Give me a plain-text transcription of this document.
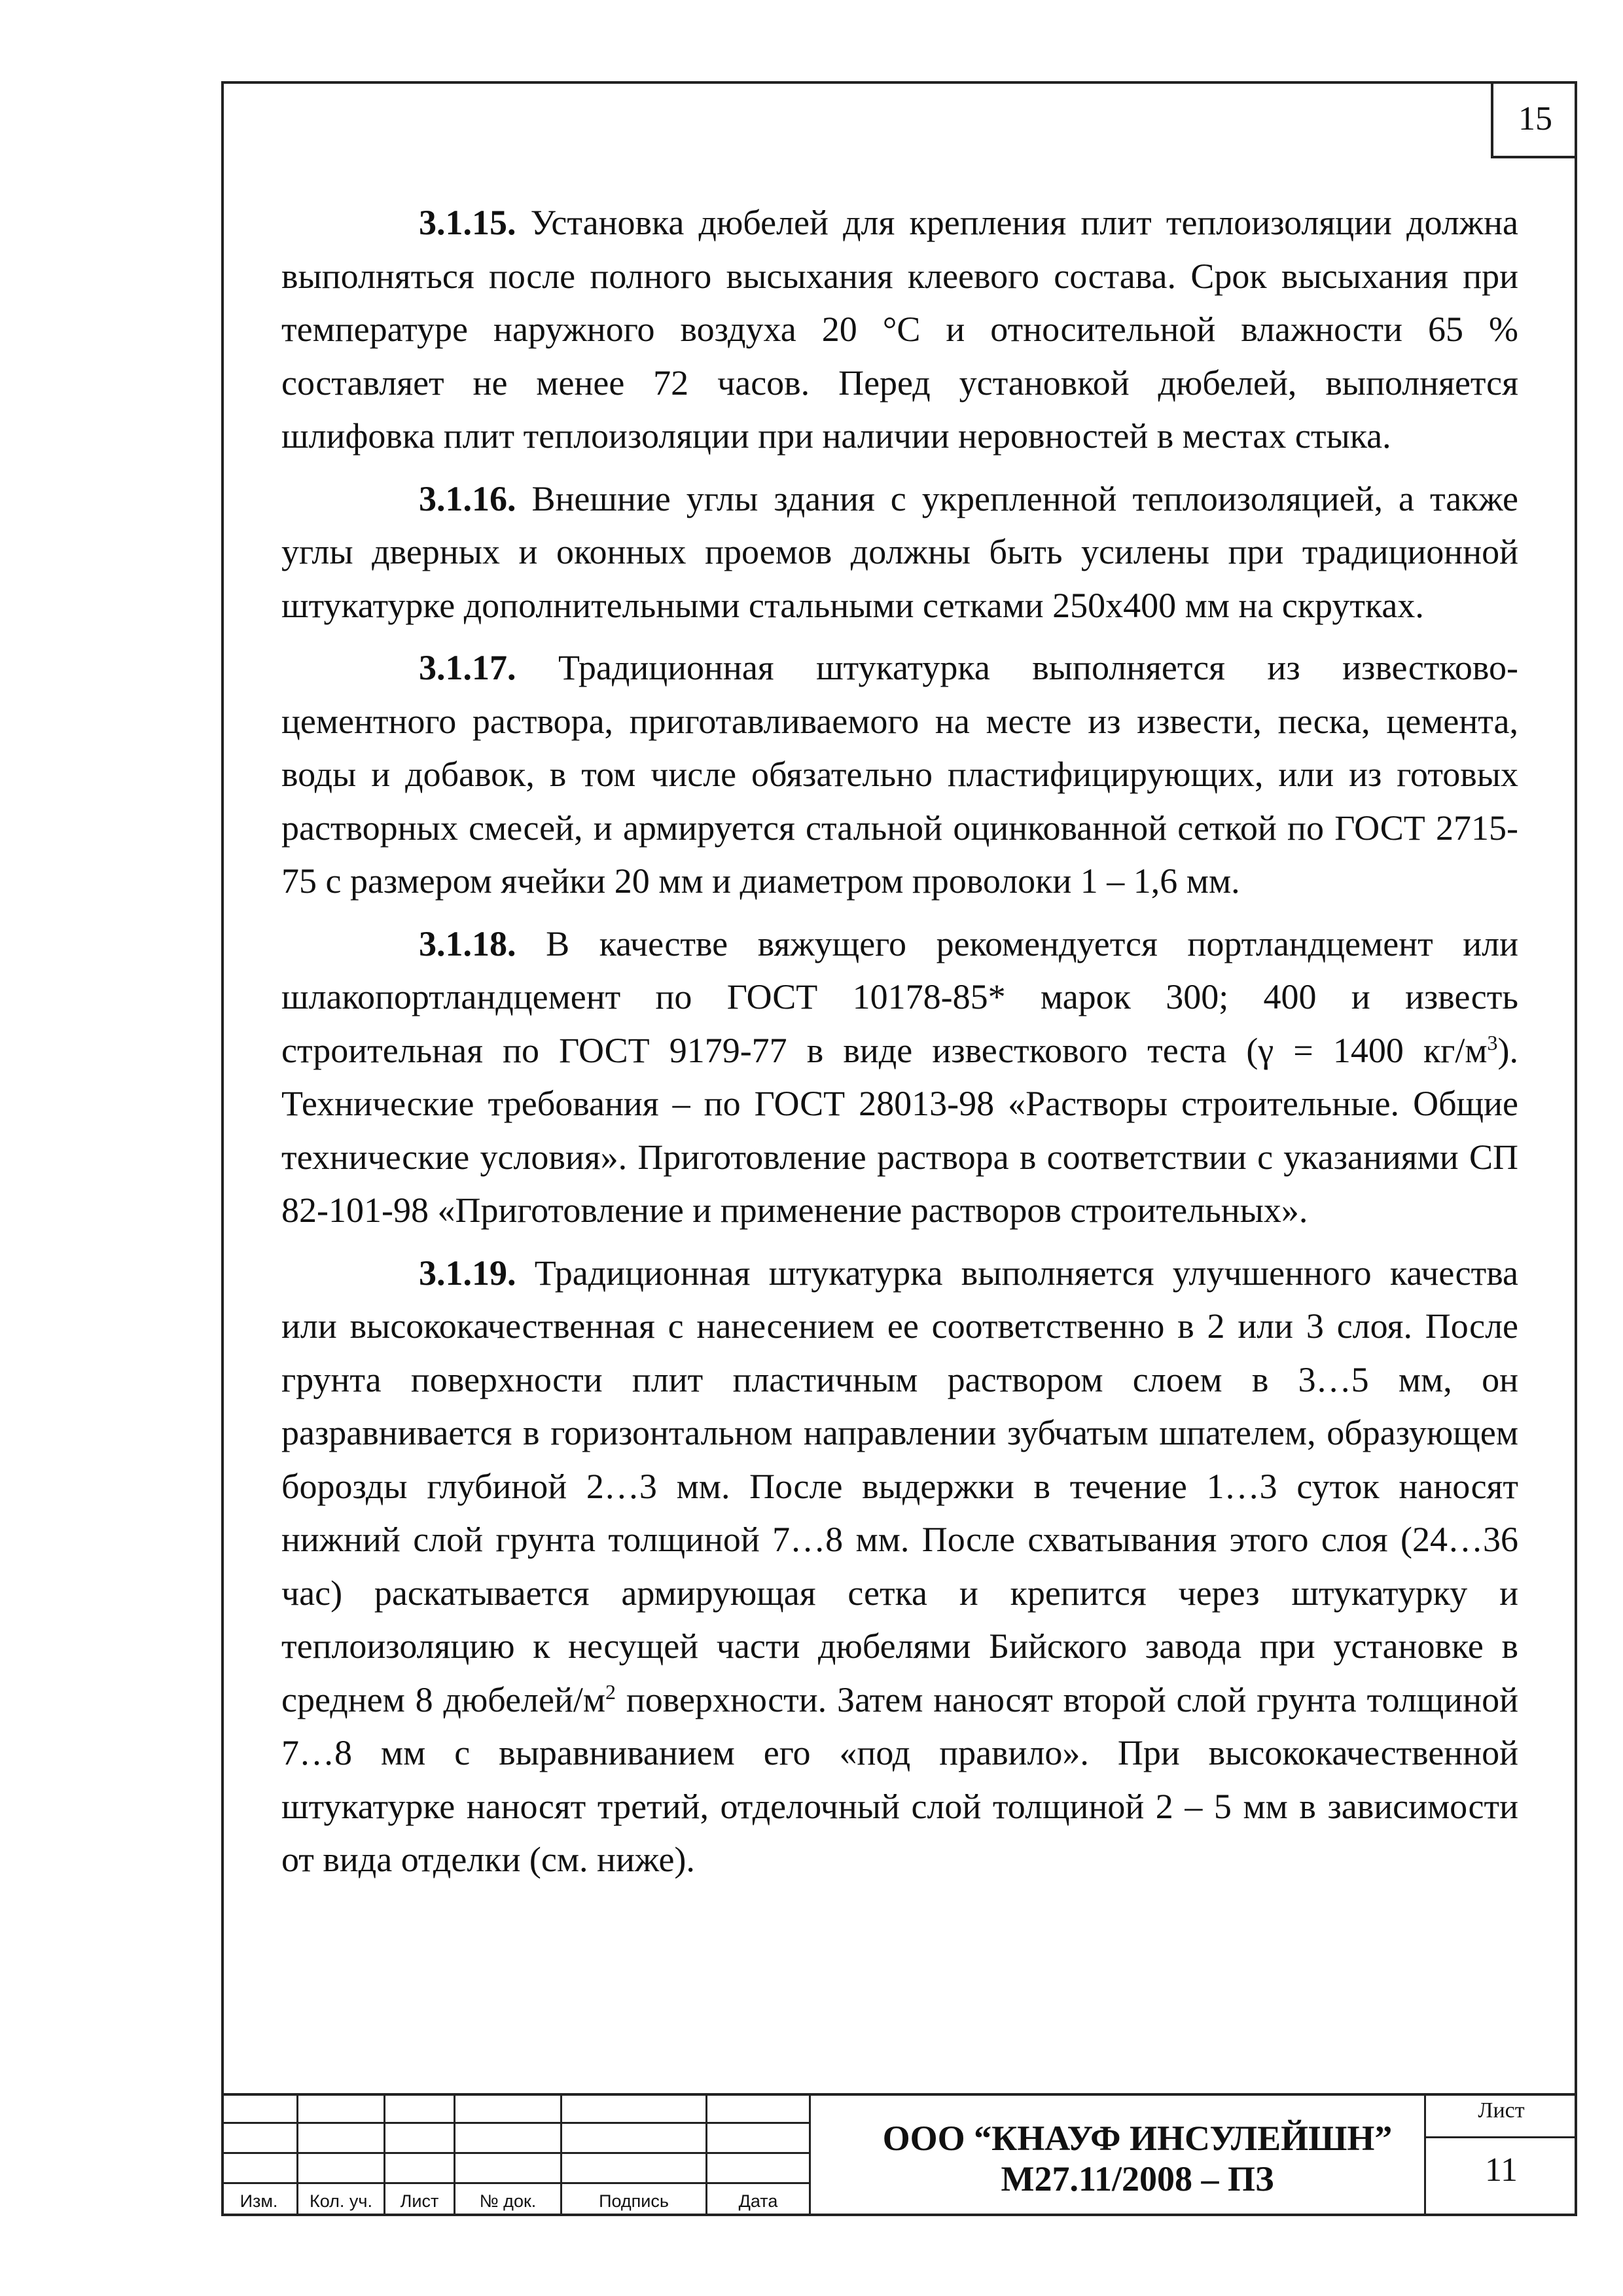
15

3.1.15. Установка дюбелей для крепления плит теплоизоляции должна выполняться после полного высыхания клеевого состава. Срок высыхания при температуре наружного воздуха 20 °С и относительной влажности 65 % составляет не менее 72 часов. Перед установкой дюбелей, выполняется шлифовка плит теплоизоляции при наличии неровностей в местах стыка.

3.1.16. Внешние углы здания с укрепленной теплоизоляцией, а также углы дверных и оконных проемов должны быть усилены при традиционной штукатурке дополнительными стальными сетками 250х400 мм на скрутках.

3.1.17. Традиционная штукатурка выполняется из известково-цементного раствора, приготавливаемого на месте из извести, песка, цемента, воды и добавок, в том числе обязательно пластифицирующих, или из готовых растворных смесей, и армируется стальной оцинкованной сеткой по ГОСТ 2715-75 с размером ячейки 20 мм и диаметром проволоки 1 – 1,6 мм.

3.1.18. В качестве вяжущего рекомендуется портландцемент или шлакопортландцемент по ГОСТ 10178-85* марок 300; 400 и известь строительная по ГОСТ 9179-77 в виде известкового теста (γ = 1400 $кг/м^3$). Технические требования – по ГОСТ 28013-98 «Растворы строительные. Общие технические условия». Приготовление раствора в соответствии с указаниями СП 82-101-98 «Приготовление и применение растворов строительных».

3.1.19. Традиционная штукатурка выполняется улучшенного качества или высококачественная с нанесением ее соответственно в 2 или 3 слоя. После грунта поверхности плит пластичным раствором слоем в 3…5 мм, он разравнивается в горизонтальном направлении зубчатым шпателем, образующем борозды глубиной 2…3 мм. После выдержки в течение 1…3 суток наносят нижний слой грунта толщиной 7…8 мм. После схватывания этого слоя (24…36 час) раскатывается армирующая сетка и крепится через штукатурку и теплоизоляцию к несущей части дюбелями Бийского завода при установке в среднем 8 дюбелей/$м^2$ поверхности. Затем наносят второй слой грунта толщиной 7…8 мм с выравниванием его «под правило». При высококачественной штукатурке наносят третий, отделочный слой толщиной 2 – 5 мм в зависимости от вида отделки (см. ниже).

Изм.	Кол. уч.	Лист	№ док.	Подпись	Дата
ООО “КНАУФ ИНСУЛЕЙШН”
М27.11/2008 – ПЗ
Лист
11
